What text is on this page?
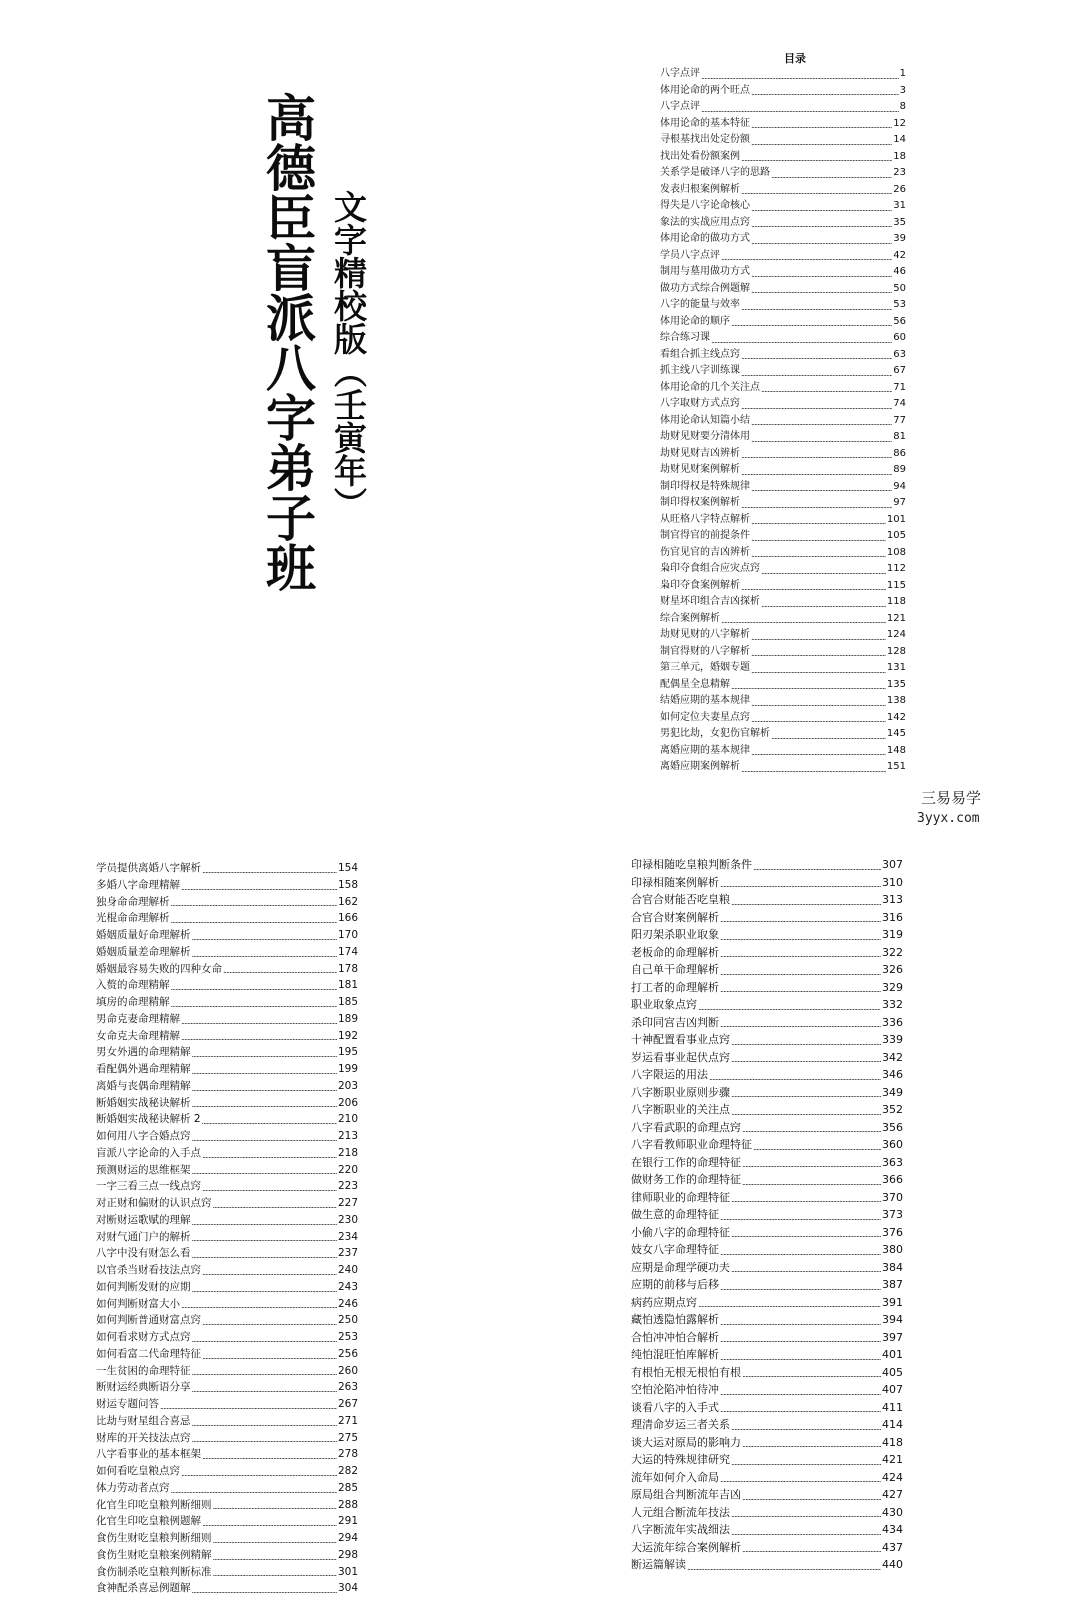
高德臣盲派八字弟子班 文字精校版（壬寅年）
目录
八字点评 .....	1
体用论命的两个旺点 .....	3
八字点评 .....	8
体用论命的基本特征 .....	12
寻根基找出处定份额 .....	14
找出处看份额案例 .....	18
关系学是破译八字的思路 .....	23
发表归根案例解析 .....	26
得失是八字论命核心 .....	31
象法的实战应用点窍 .....	35
体用论命的做功方式 .....	39
学员八字点评 .....	42
制用与墓用做功方式 .....	46
做功方式综合例题解 .....	50
八字的能量与效率 .....	53
体用论命的顺序 .....	56
综合练习课 .....	60
看组合抓主线点窍 .....	63
抓主线八字训练课 .....	67
体用论命的几个关注点 .....	71
八字取财方式点窍 .....	74
体用论命认知篇小结 .....	77
劫财见财要分清体用 .....	81
劫财见财吉凶辨析 .....	86
劫财见财案例解析 .....	89
制印得权是特殊规律 .....	94
制印得权案例解析 .....	97
从旺格八字特点解析 .....	101
制官得官的前提条件 .....	105
伤官见官的吉凶辨析 .....	108
枭印夺食组合应灾点窍 .....	112
枭印夺食案例解析 .....	115
财星坏印组合吉凶探析 .....	118
综合案例解析 .....	121
劫财见财的八字解析 .....	124
制官得财的八字解析 .....	128
第三单元，婚姻专题 .....	131
配偶星全息精解 .....	135
结婚应期的基本规律 .....	138
如何定位夫妻星点窍 .....	142
男犯比劫，女犯伤官解析 .....	145
离婚应期的基本规律 .....	148
离婚应期案例解析 .....	151
三易易学
3yyx.com
学员提供离婚八字解析 .....	154
多婚八字命理精解 .....	158
独身命命理解析 .....	162
光棍命命理解析 .....	166
婚姻质量好命理解析 .....	170
婚姻质量差命理解析 .....	174
婚姻最容易失败的四种女命 .....	178
入赘的命理精解 .....	181
填房的命理精解 .....	185
男命克妻命理精解 .....	189
女命克夫命理精解 .....	192
男女外遇的命理精解 .....	195
看配偶外遇命理精解 .....	199
离婚与丧偶命理精解 .....	203
断婚姻实战秘诀解析 .....	206
断婚姻实战秘诀解析 2 .....	210
如何用八字合婚点窍 .....	213
盲派八字论命的入手点 .....	218
预测财运的思维框架 .....	220
一字三看三点一线点窍 .....	223
对正财和偏财的认识点窍 .....	227
对断财运歌赋的理解 .....	230
对财气通门户的解析 .....	234
八字中没有财怎么看 .....	237
以官杀当财看技法点窍 .....	240
如何判断发财的应期 .....	243
如何判断财富大小 .....	246
如何判断普通财富点窍 .....	250
如何看求财方式点窍 .....	253
如何看富二代命理特征 .....	256
一生贫困的命理特征 .....	260
断财运经典断语分享 .....	263
财运专题问答 .....	267
比劫与财星组合喜忌 .....	271
财库的开关技法点窍 .....	275
八字看事业的基本框架 .....	278
如何看吃皇粮点窍 .....	282
体力劳动者点窍 .....	285
化官生印吃皇粮判断细则 .....	288
化官生印吃皇粮例题解 .....	291
食伤生财吃皇粮判断细则 .....	294
食伤生财吃皇粮案例精解 .....	298
食伤制杀吃皇粮判断标准 .....	301
食神配杀喜忌例题解 .....	304
印禄相随吃皇粮判断条件 .....	307
印禄相随案例解析 .....	310
合官合财能否吃皇粮 .....	313
合官合财案例解析 .....	316
阳刃架杀职业取象 .....	319
老板命的命理解析 .....	322
自己单干命理解析 .....	326
打工者的命理解析 .....	329
职业取象点窍 .....	332
杀印同宫吉凶判断 .....	336
十神配置看事业点窍 .....	339
岁运看事业起伏点窍 .....	342
八字限运的用法 .....	346
八字断职业原则步骤 .....	349
八字断职业的关注点 .....	352
八字看武职的命理点窍 .....	356
八字看教师职业命理特征 .....	360
在银行工作的命理特征 .....	363
做财务工作的命理特征 .....	366
律师职业的命理特征 .....	370
做生意的命理特征 .....	373
小偷八字的命理特征 .....	376
妓女八字命理特征 .....	380
应期是命理学硬功夫 .....	384
应期的前移与后移 .....	387
病药应期点窍 .....	391
藏怕透隐怕露解析 .....	394
合怕冲冲怕合解析 .....	397
纯怕混旺怕库解析 .....	401
有根怕无根无根怕有根 .....	405
空怕沦陷冲怕待冲 .....	407
谈看八字的入手式 .....	411
理清命岁运三者关系 .....	414
谈大运对原局的影响力 .....	418
大运的特殊规律研究 .....	421
流年如何介入命局 .....	424
原局组合判断流年吉凶 .....	427
人元组合断流年技法 .....	430
八字断流年实战细法 .....	434
大运流年综合案例解析 .....	437
断运篇解读 .....	440
